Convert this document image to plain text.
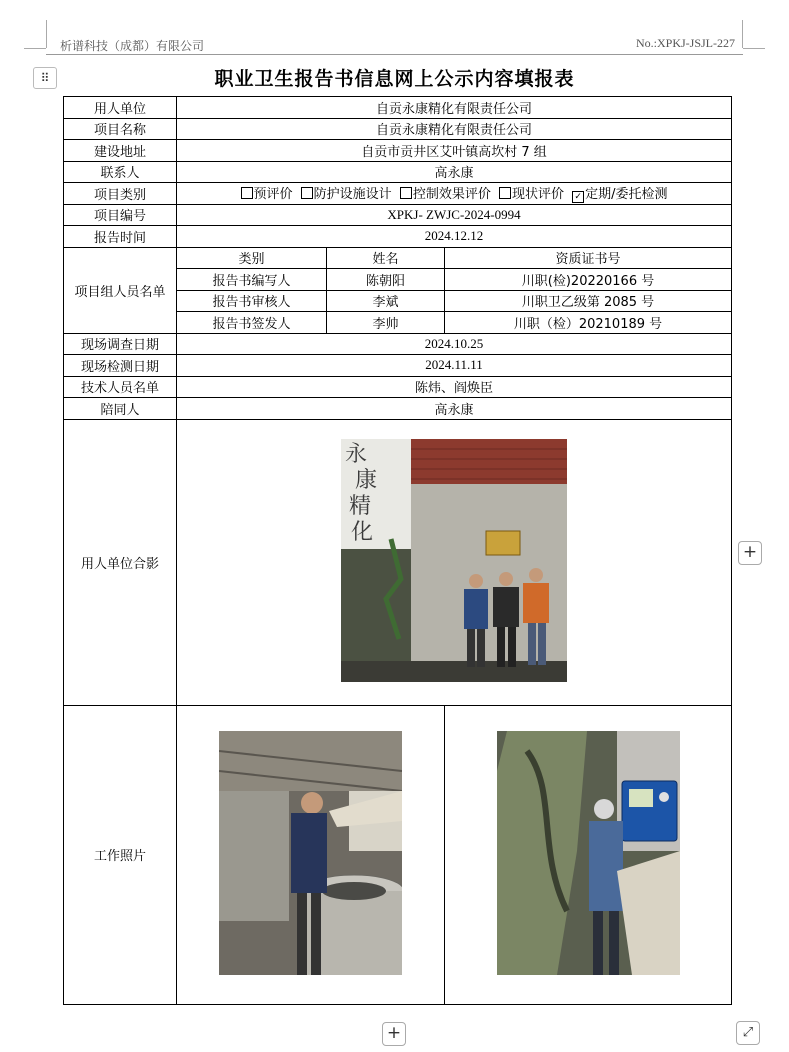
析谱科技（成都）有限公司	No.:XPKJ-JSJL-227
⠿	职业卫生报告书信息网上公示内容填报表
用人单位	自贡永康精化有限责任公司		
项目名称	自贡永康精化有限责任公司		
建设地址	自贡市贡井区艾叶镇高坎村 7 组		
联系人	高永康		
项目类别	预评价 防护设施设计 控制效果评价 现状评价 ✓ 定期/委托检测		
项目编号	XPKJ- ZWJC-2024-0994		
报告时间	2024.12.12		
项目组人员名单	类别	姓名	资质证书号
	报告书编写人	陈朝阳	川职(检)20220166 号
	报告书审核人	李斌	川职卫乙级第 2085 号
	报告书签发人	李帅	川职（检）20210189 号
现场调查日期	2024.10.25		
现场检测日期	2024.11.11		
技术人员名单	陈炜、阎焕臣		
陪同人	高永康		
用人单位合影	永
康
精
化		

工作照片		
+
+	⤢
